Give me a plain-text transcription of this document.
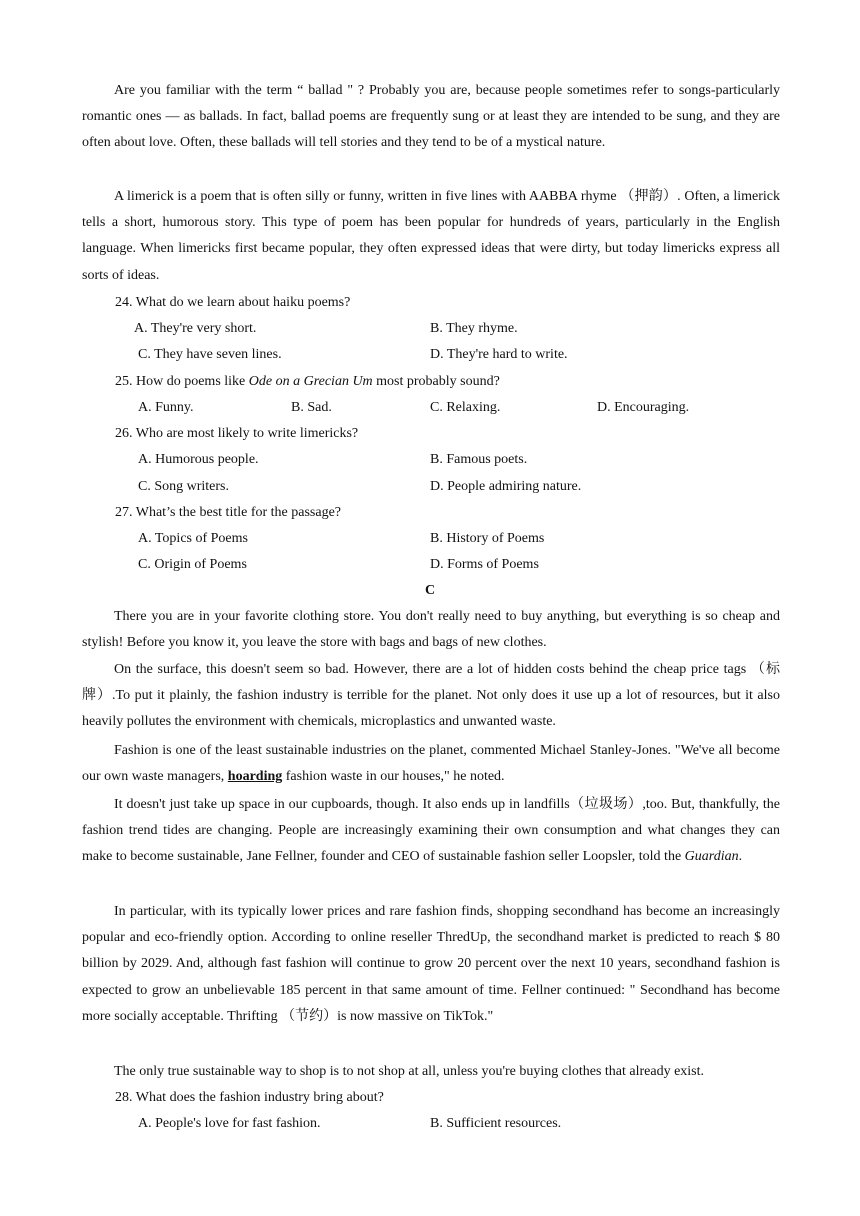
Are you familiar with the term “ ballad " ? Probably you are, because people sometimes refer to songs-particularly romantic ones — as ballads. In fact, ballad poems are frequently sung or at least they are intended to be sung, and they are often about love. Often, these ballads will tell stories and they tend to be of a mystical nature.

A limerick is a poem that is often silly or funny, written in five lines with AABBA rhyme （押韵）. Often, a limerick tells a short, humorous story. This type of poem has been popular for hundreds of years, particularly in the English language. When limericks first became popular, they often expressed ideas that were dirty, but today limericks express all sorts of ideas.

24. What do we learn about haiku poems?
A. They're very short.	B. They rhyme.
C. They have seven lines.	D. They're hard to write.
25. How do poems like Ode on a Grecian Um most probably sound?
A. Funny.	B. Sad.	C. Relaxing.	D. Encouraging.
26. Who are most likely to write limericks?
A. Humorous people.	B. Famous poets.
C. Song writers.	D. People admiring nature.
27. What’s the best title for the passage?
A. Topics of Poems	B. History of Poems
C. Origin of Poems	D. Forms of Poems
C

There you are in your favorite clothing store. You don't really need to buy anything, but everything is so cheap and stylish! Before you know it, you leave the store with bags and bags of new clothes.

On the surface, this doesn't seem so bad. However, there are a lot of hidden costs behind the cheap price tags （标牌）.To put it plainly, the fashion industry is terrible for the planet. Not only does it use up a lot of resources, but it also heavily pollutes the environment with chemicals, microplastics and unwanted waste.

Fashion is one of the least sustainable industries on the planet, commented Michael Stanley-Jones. "We've all become our own waste managers, hoarding fashion waste in our houses," he noted.

It doesn't just take up space in our cupboards, though. It also ends up in landfills（垃圾场）,too. But, thankfully, the fashion trend tides are changing. People are increasingly examining their own consumption and what changes they can make to become sustainable, Jane Fellner, founder and CEO of sustainable fashion seller Loopsler, told the Guardian.

In particular, with its typically lower prices and rare fashion finds, shopping secondhand has become an increasingly popular and eco-friendly option. According to online reseller ThredUp, the secondhand market is predicted to reach $ 80 billion by 2029. And, although fast fashion will continue to grow 20 percent over the next 10 years, secondhand fashion is expected to grow an unbelievable 185 percent in that same amount of time. Fellner continued: " Secondhand has become more socially acceptable. Thrifting （节约）is now massive on TikTok."

The only true sustainable way to shop is to not shop at all, unless you're buying clothes that already exist.

28. What does the fashion industry bring about?
A. People's love for fast fashion.	B. Sufficient resources.
